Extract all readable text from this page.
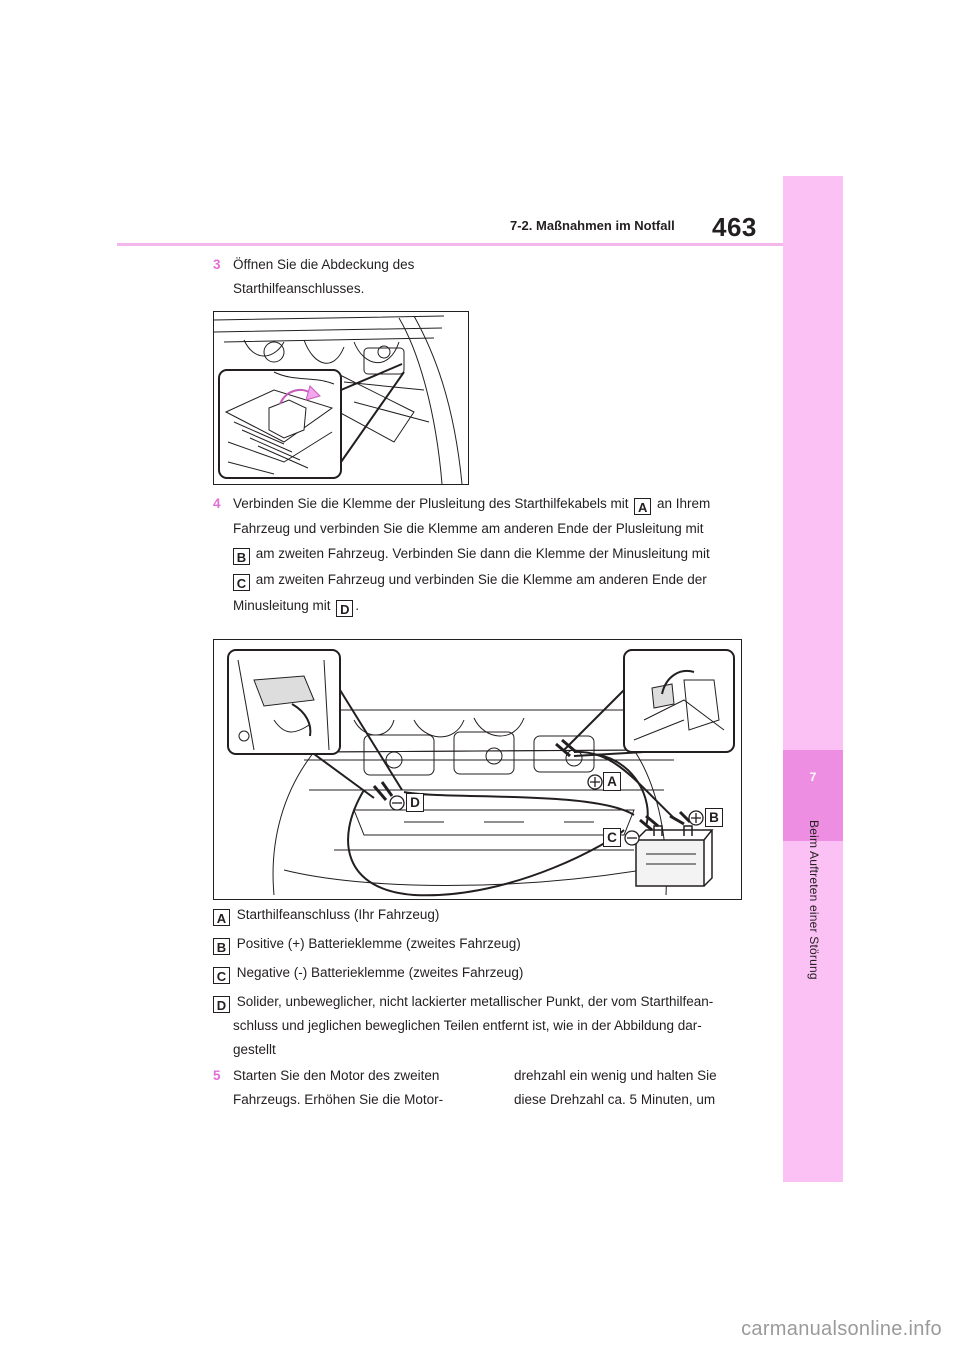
7-2. Maßnahmen im Notfall 463
7
Beim Auftreten einer Störung
3 Öffnen Sie die Abdeckung des
Starthilfeanschlusses.
4 Verbinden Sie die Klemme der Plusleitung des Starthilfekabels mit A an Ihrem
Fahrzeug und verbinden Sie die Klemme am anderen Ende der Plusleitung mit
B am zweiten Fahrzeug. Verbinden Sie dann die Klemme der Minusleitung mit
C am zweiten Fahrzeug und verbinden Sie die Klemme am anderen Ende der
Minusleitung mit D .
A
B
C
D
A Starthilfeanschluss (Ihr Fahrzeug)
B Positive (+) Batterieklemme (zweites Fahrzeug)
C Negative (-) Batterieklemme (zweites Fahrzeug)
D Solider, unbeweglicher, nicht lackierter metallischer Punkt, der vom Starthilfean-
schluss und jeglichen beweglichen Teilen entfernt ist, wie in der Abbildung dar-
gestellt
5 Starten Sie den Motor des zweiten
Fahrzeugs. Erhöhen Sie die Motor-
drehzahl ein wenig und halten Sie
diese Drehzahl ca. 5 Minuten, um
carmanualsonline.info
